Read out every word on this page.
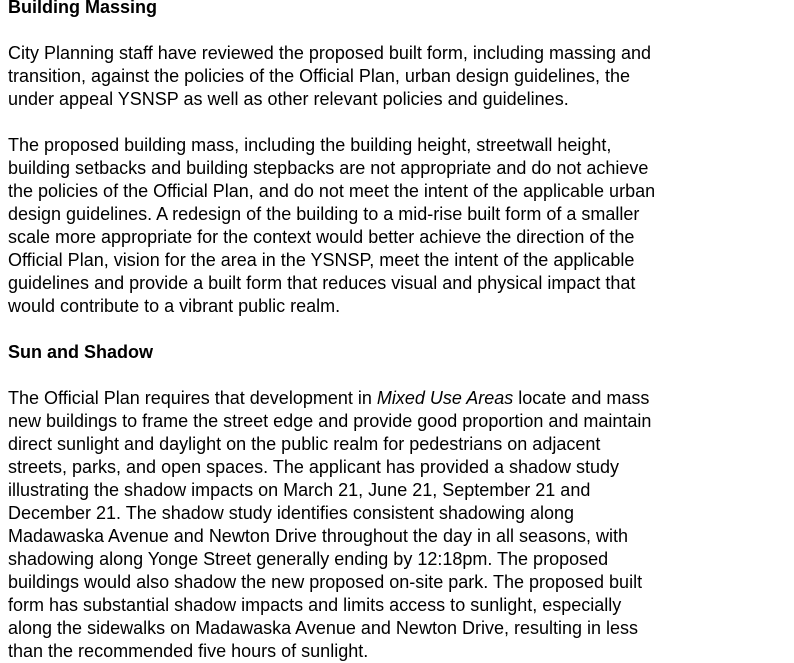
Building Massing

City Planning staff have reviewed the proposed built form, including massing and
transition, against the policies of the Official Plan, urban design guidelines, the
under appeal YSNSP as well as other relevant policies and guidelines.

The proposed building mass, including the building height, streetwall height,
building setbacks and building stepbacks are not appropriate and do not achieve
the policies of the Official Plan, and do not meet the intent of the applicable urban
design guidelines. A redesign of the building to a mid-rise built form of a smaller
scale more appropriate for the context would better achieve the direction of the
Official Plan, vision for the area in the YSNSP, meet the intent of the applicable
guidelines and provide a built form that reduces visual and physical impact that
would contribute to a vibrant public realm.

Sun and Shadow

The Official Plan requires that development in Mixed Use Areas locate and mass
new buildings to frame the street edge and provide good proportion and maintain
direct sunlight and daylight on the public realm for pedestrians on adjacent
streets, parks, and open spaces. The applicant has provided a shadow study
illustrating the shadow impacts on March 21, June 21, September 21 and
December 21. The shadow study identifies consistent shadowing along
Madawaska Avenue and Newton Drive throughout the day in all seasons, with
shadowing along Yonge Street generally ending by 12:18pm. The proposed
buildings would also shadow the new proposed on-site park. The proposed built
form has substantial shadow impacts and limits access to sunlight, especially
along the sidewalks on Madawaska Avenue and Newton Drive, resulting in less
than the recommended five hours of sunlight.
